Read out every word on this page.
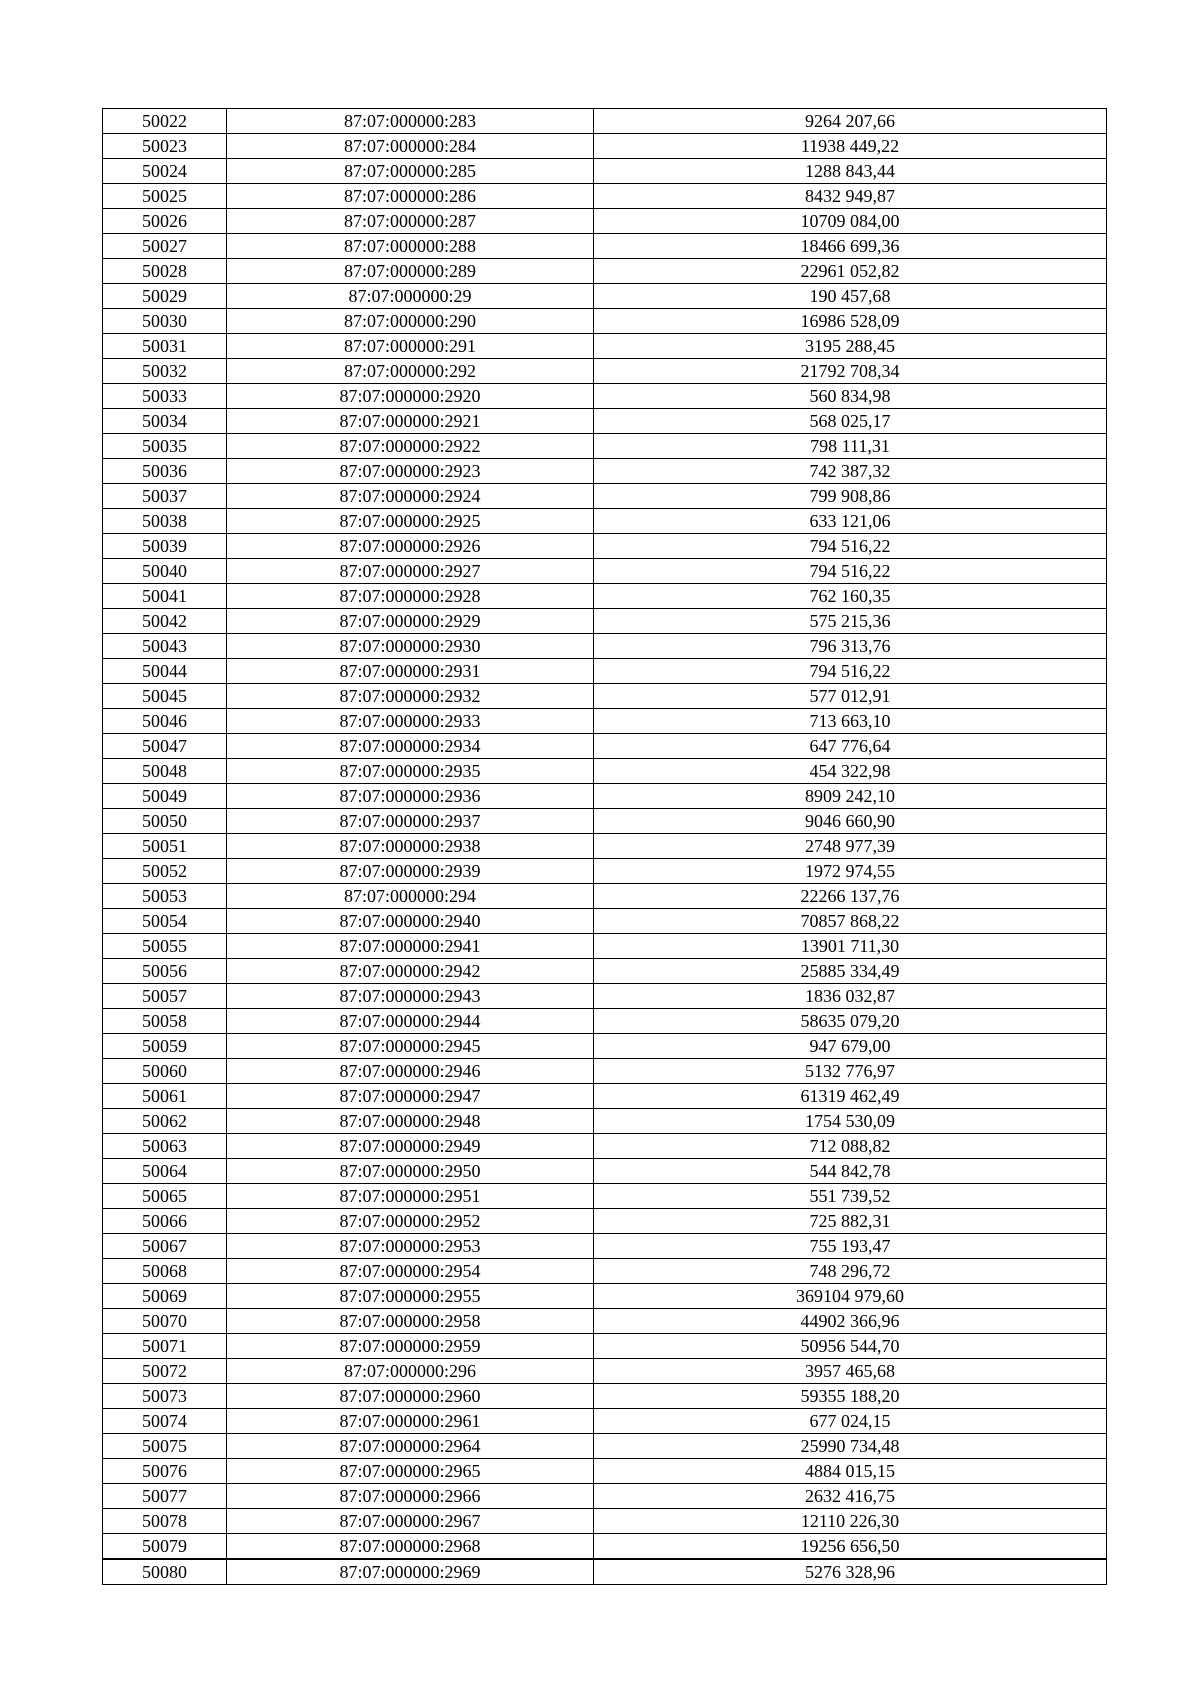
50022	87:07:000000:283	9264 207,66
50023	87:07:000000:284	11938 449,22
50024	87:07:000000:285	1288 843,44
50025	87:07:000000:286	8432 949,87
50026	87:07:000000:287	10709 084,00
50027	87:07:000000:288	18466 699,36
50028	87:07:000000:289	22961 052,82
50029	87:07:000000:29	190 457,68
50030	87:07:000000:290	16986 528,09
50031	87:07:000000:291	3195 288,45
50032	87:07:000000:292	21792 708,34
50033	87:07:000000:2920	560 834,98
50034	87:07:000000:2921	568 025,17
50035	87:07:000000:2922	798 111,31
50036	87:07:000000:2923	742 387,32
50037	87:07:000000:2924	799 908,86
50038	87:07:000000:2925	633 121,06
50039	87:07:000000:2926	794 516,22
50040	87:07:000000:2927	794 516,22
50041	87:07:000000:2928	762 160,35
50042	87:07:000000:2929	575 215,36
50043	87:07:000000:2930	796 313,76
50044	87:07:000000:2931	794 516,22
50045	87:07:000000:2932	577 012,91
50046	87:07:000000:2933	713 663,10
50047	87:07:000000:2934	647 776,64
50048	87:07:000000:2935	454 322,98
50049	87:07:000000:2936	8909 242,10
50050	87:07:000000:2937	9046 660,90
50051	87:07:000000:2938	2748 977,39
50052	87:07:000000:2939	1972 974,55
50053	87:07:000000:294	22266 137,76
50054	87:07:000000:2940	70857 868,22
50055	87:07:000000:2941	13901 711,30
50056	87:07:000000:2942	25885 334,49
50057	87:07:000000:2943	1836 032,87
50058	87:07:000000:2944	58635 079,20
50059	87:07:000000:2945	947 679,00
50060	87:07:000000:2946	5132 776,97
50061	87:07:000000:2947	61319 462,49
50062	87:07:000000:2948	1754 530,09
50063	87:07:000000:2949	712 088,82
50064	87:07:000000:2950	544 842,78
50065	87:07:000000:2951	551 739,52
50066	87:07:000000:2952	725 882,31
50067	87:07:000000:2953	755 193,47
50068	87:07:000000:2954	748 296,72
50069	87:07:000000:2955	369104 979,60
50070	87:07:000000:2958	44902 366,96
50071	87:07:000000:2959	50956 544,70
50072	87:07:000000:296	3957 465,68
50073	87:07:000000:2960	59355 188,20
50074	87:07:000000:2961	677 024,15
50075	87:07:000000:2964	25990 734,48
50076	87:07:000000:2965	4884 015,15
50077	87:07:000000:2966	2632 416,75
50078	87:07:000000:2967	12110 226,30
50079	87:07:000000:2968	19256 656,50
50080	87:07:000000:2969	5276 328,96
